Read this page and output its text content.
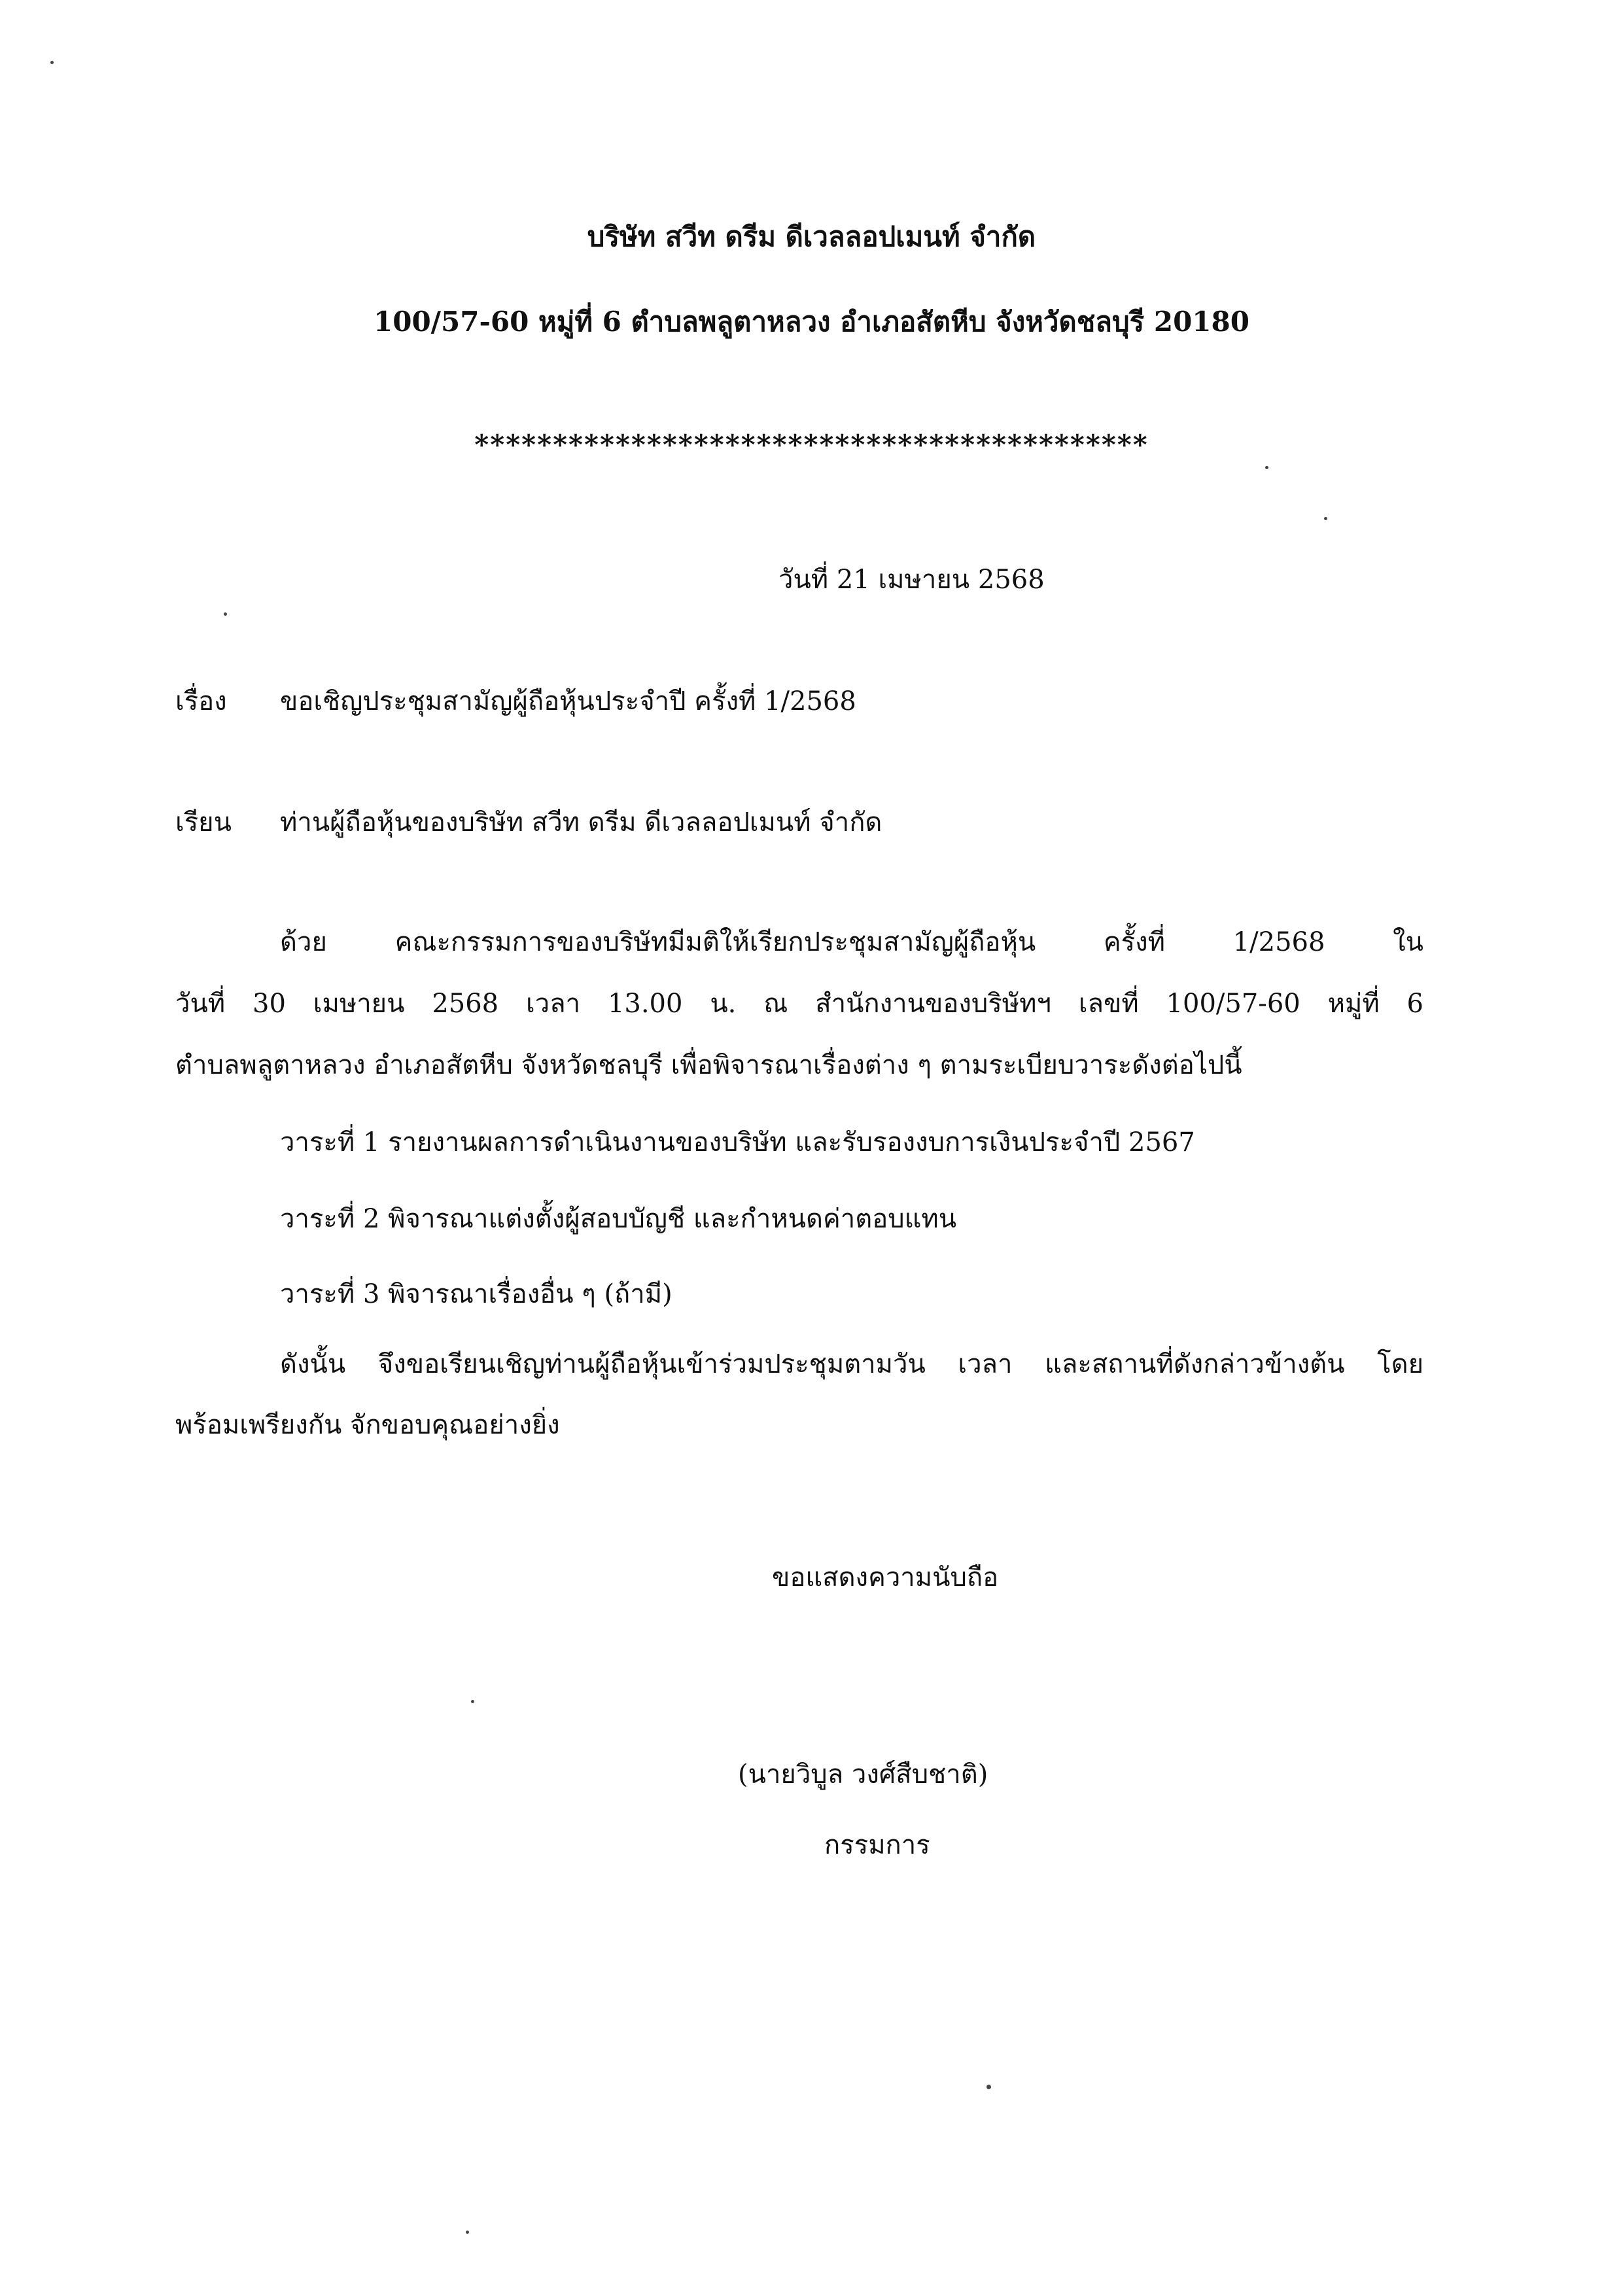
บริษัท สวีท ดรีม ดีเวลลอปเมนท์ จำกัด
100/57-60 หมู่ที่ 6 ตำบลพลูตาหลวง อำเภอสัตหีบ จังหวัดชลบุรี 20180
*******************************************
วันที่ 21 เมษายน 2568
เรื่อง ขอเชิญประชุมสามัญผู้ถือหุ้นประจำปี ครั้งที่ 1/2568
เรียน ท่านผู้ถือหุ้นของบริษัท สวีท ดรีม ดีเวลลอปเมนท์ จำกัด
ด้วย คณะกรรมการของบริษัทมีมติให้เรียกประชุมสามัญผู้ถือหุ้น ครั้งที่ 1/2568 ใน
วันที่ 30 เมษายน 2568 เวลา 13.00 น. ณ สำนักงานของบริษัทฯ เลขที่ 100/57-60 หมู่ที่ 6
ตำบลพลูตาหลวง อำเภอสัตหีบ จังหวัดชลบุรี เพื่อพิจารณาเรื่องต่าง ๆ ตามระเบียบวาระดังต่อไปนี้
วาระที่ 1 รายงานผลการดำเนินงานของบริษัท และรับรองงบการเงินประจำปี 2567
วาระที่ 2 พิจารณาแต่งตั้งผู้สอบบัญชี และกำหนดค่าตอบแทน
วาระที่ 3 พิจารณาเรื่องอื่น ๆ (ถ้ามี)
ดังนั้น จึงขอเรียนเชิญท่านผู้ถือหุ้นเข้าร่วมประชุมตามวัน เวลา และสถานที่ดังกล่าวข้างต้น โดย
พร้อมเพรียงกัน จักขอบคุณอย่างยิ่ง
ขอแสดงความนับถือ
(นายวิบูล วงศ์สืบชาติ)
กรรมการ
